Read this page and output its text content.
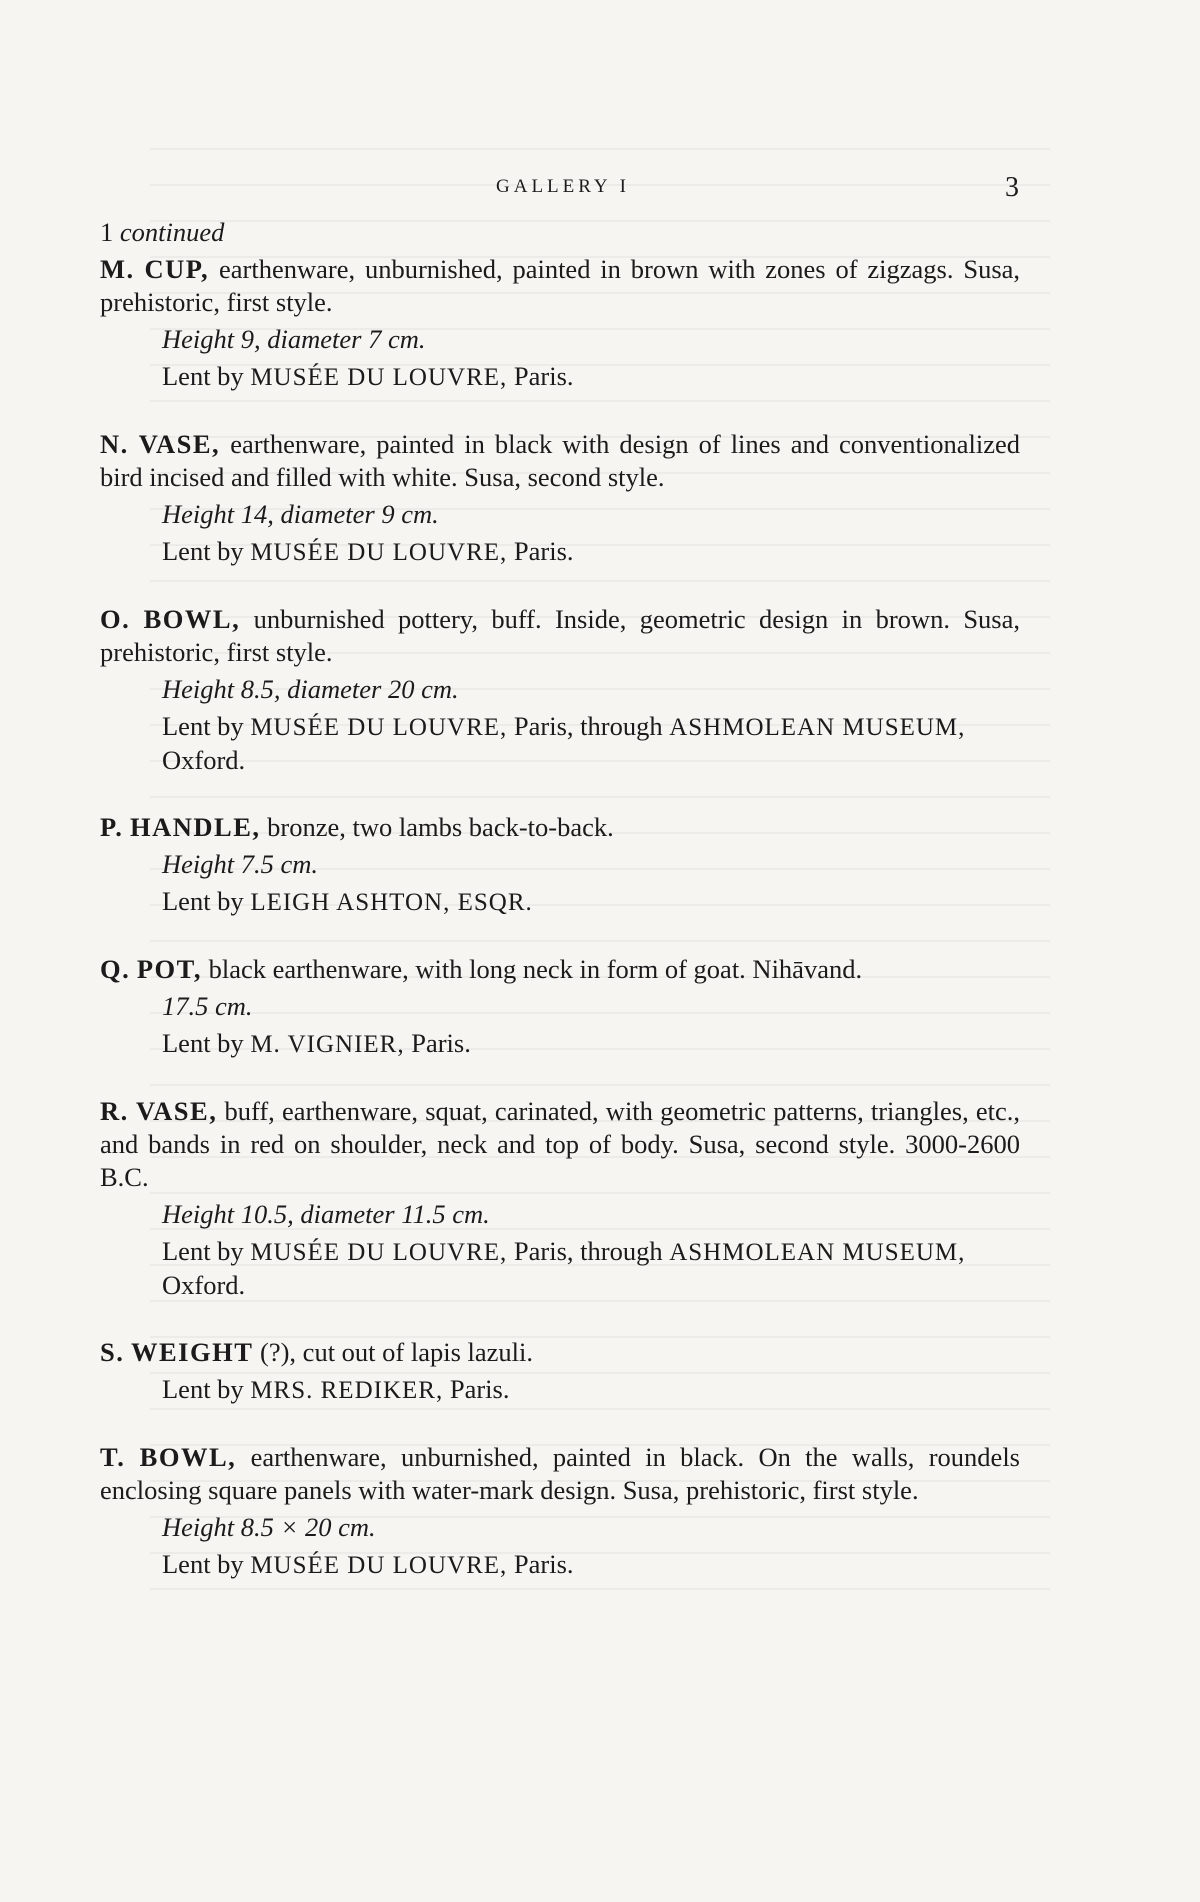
GALLERY I	3

1 continued

M. CUP, earthenware, unburnished, painted in brown with zones of zigzags. Susa, prehistoric, first style.

Height 9, diameter 7 cm.

Lent by MUSÉE DU LOUVRE, Paris.

N. VASE, earthenware, painted in black with design of lines and conventionalized bird incised and filled with white. Susa, second style.

Height 14, diameter 9 cm.

Lent by MUSÉE DU LOUVRE, Paris.

O. BOWL, unburnished pottery, buff. Inside, geometric design in brown. Susa, prehistoric, first style.

Height 8.5, diameter 20 cm.

Lent by MUSÉE DU LOUVRE, Paris, through ASHMOLEAN MUSEUM,

Oxford.

P. HANDLE, bronze, two lambs back-to-back.

Height 7.5 cm.

Lent by LEIGH ASHTON, ESQR.

Q. POT, black earthenware, with long neck in form of goat. Nihāvand.

17.5 cm.

Lent by M. VIGNIER, Paris.

R. VASE, buff, earthenware, squat, carinated, with geometric patterns, triangles, etc., and bands in red on shoulder, neck and top of body. Susa, second style. 3000-2600 B.C.

Height 10.5, diameter 11.5 cm.

Lent by MUSÉE DU LOUVRE, Paris, through ASHMOLEAN MUSEUM,

Oxford.

S. WEIGHT (?), cut out of lapis lazuli.

Lent by MRS. REDIKER, Paris.

T. BOWL, earthenware, unburnished, painted in black. On the walls, roundels enclosing square panels with water-mark design. Susa, prehistoric, first style.

Height 8.5 × 20 cm.

Lent by MUSÉE DU LOUVRE, Paris.
